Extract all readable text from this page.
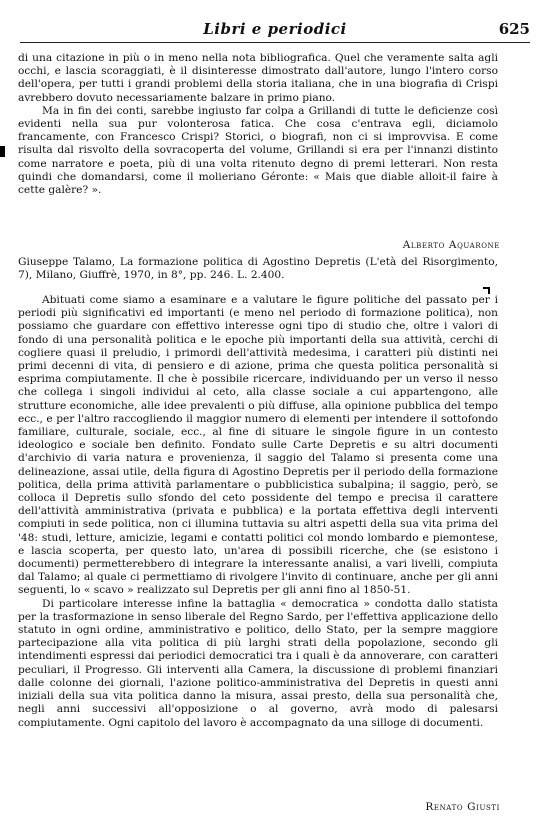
Libri e periodici	625

di una citazione in più o in meno nella nota bibliografica. Quel che veramente salta agli occhi, e lascia scoraggiati, è il disinteresse dimostrato dall'autore, lungo l'intero corso dell'opera, per tutti i grandi problemi della storia italiana, che in una biografia di Crispi avrebbero dovuto necessariamente balzare in primo piano.

Ma in fin dei conti, sarebbe ingiusto far colpa a Grillandi di tutte le deficienze così evidenti nella sua pur volonterosa fatica. Che cosa c'entrava egli, diciamolo francamente, con Francesco Crispi? Storici, o biografi, non ci si improvvisa. E come risulta dal risvolto della sovracoperta del volume, Grillandi si era per l'innanzi distinto come narratore e poeta, più di una volta ritenuto degno di premi letterari. Non resta quindi che domandarsi, come il molieriano Géronte: « Mais que diable alloit-il faire à cette galère? ».

Alberto Aquarone

Giuseppe Talamo, La formazione politica di Agostino Depretis (L'età del Risorgimento, 7), Milano, Giuffrè, 1970, in 8°, pp. 246. L. 2.400.

Abituati come siamo a esaminare e a valutare le figure politiche del passato per i periodi più significativi ed importanti (e meno nel periodo di formazione politica), non possiamo che guardare con effettivo interesse ogni tipo di studio che, oltre i valori di fondo di una personalità politica e le epoche più importanti della sua attività, cerchi di cogliere quasi il preludio, i primordi dell'attività medesima, i caratteri più distinti nei primi decenni di vita, di pensiero e di azione, prima che questa politica personalità si esprima compiutamente. Il che è possibile ricercare, individuando per un verso il nesso che collega i singoli individui al ceto, alla classe sociale a cui appartengono, alle strutture economiche, alle idee prevalenti o più diffuse, alla opinione pubblica del tempo ecc., e per l'altro raccogliendo il maggior numero di elementi per intendere il sottofondo familiare, culturale, sociale, ecc., al fine di situare le singole figure in un contesto ideologico e sociale ben definito. Fondato sulle Carte Depretis e su altri documenti d'archivio di varia natura e provenienza, il saggio del Talamo si presenta come una delineazione, assai utile, della figura di Agostino Depretis per il periodo della formazione politica, della prima attività parlamentare o pubblicistica subalpina; il saggio, però, se colloca il Depretis sullo sfondo del ceto possidente del tempo e precisa il carattere dell'attività amministrativa (privata e pubblica) e la portata effettiva degli interventi compiuti in sede politica, non ci illumina tuttavia su altri aspetti della sua vita prima del '48: studi, letture, amicizie, legami e contatti politici col mondo lombardo e piemontese, e lascia scoperta, per questo lato, un'area di possibili ricerche, che (se esistono i documenti) permetterebbero di integrare la interessante analisi, a vari livelli, compiuta dal Talamo; al quale ci permettiamo di rivolgere l'invito di continuare, anche per gli anni seguenti, lo « scavo » realizzato sul Depretis per gli anni fino al 1850-51.

Di particolare interesse infine la battaglia « democratica » condotta dallo statista per la trasformazione in senso liberale del Regno Sardo, per l'effettiva applicazione dello statuto in ogni ordine, amministrativo e politico, dello Stato, per la sempre maggiore partecipazione alla vita politica di più larghi strati della popolazione, secondo gli intendimenti espressi dai periodici democratici tra i quali è da annoverare, con caratteri peculiari, il Progresso. Gli interventi alla Camera, la discussione di problemi finanziari dalle colonne dei giornali, l'azione politico-amministrativa del Depretis in questi anni iniziali della sua vita politica danno la misura, assai presto, della sua personalità che, negli anni successivi all'opposizione o al governo, avrà modo di palesarsi compiutamente. Ogni capitolo del lavoro è accompagnato da una silloge di documenti.

Renato Giusti
